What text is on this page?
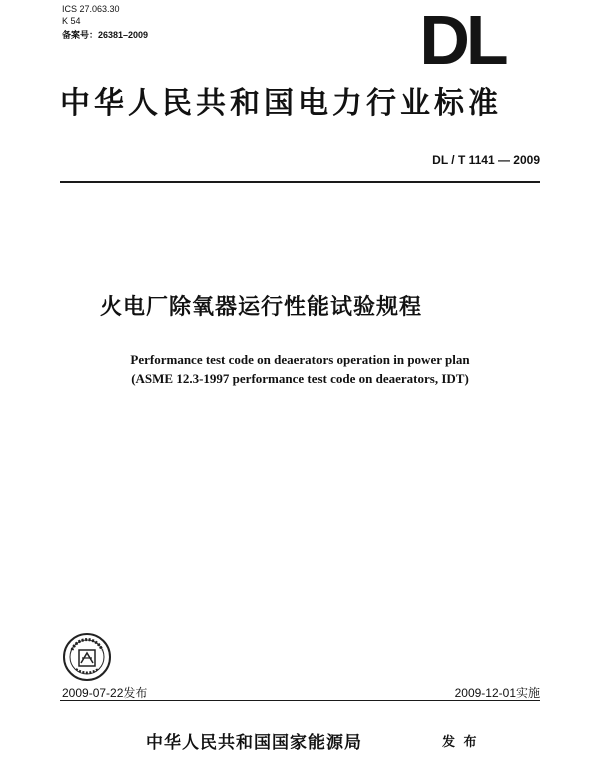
ICS 27.063.30
K 54
备案号：26381–2009	DL
中华人民共和国电力行业标准
DL / T 1141 — 2009
火电厂除氧器运行性能试验规程
Performance test code on deaerators operation in power plan
(ASME 12.3-1997 performance test code on deaerators, IDT)
2009-07-22发布	2009-12-01实施
中华人民共和国国家能源局	发 布
